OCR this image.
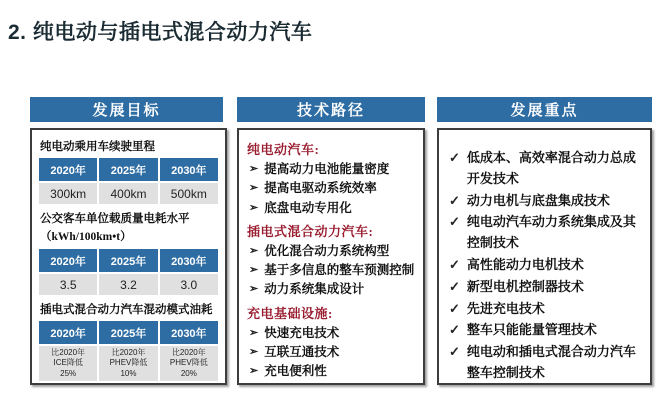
2. 纯电动与插电式混合动力汽车
发展目标	技术路径	发展重点
纯电动乘用车续驶里程
2020年	2025年	2030年
300km	400km	500km
公交客车单位载质量电耗水平
（kWh/100km•t）
2020年	2025年	2030年
3.5	3.2	3.0
插电式混合动力汽车混动模式油耗
2020年	2025年	2030年
比2020年
ICE降低
25%
比2020年
PHEV降低
10%
比2020年
PHEV降低
20%
纯电动汽车:
➢ 提高动力电池能量密度
➢ 提高电驱动系统效率
➢ 底盘电动专用化
插电式混合动力汽车:
➢ 优化混合动力系统构型
➢ 基于多信息的整车预测控制
➢ 动力系统集成设计
充电基础设施:
➢ 快速充电技术
➢ 互联互通技术
➢ 充电便利性
✓ 低成本、高效率混合动力总成开发技术
✓ 动力电机与底盘集成技术
✓ 纯电动汽车动力系统集成及其控制技术
✓ 高性能动力电机技术
✓ 新型电机控制器技术
✓ 先进充电技术
✓ 整车只能能量管理技术
✓ 纯电动和插电式混合动力汽车整车控制技术
